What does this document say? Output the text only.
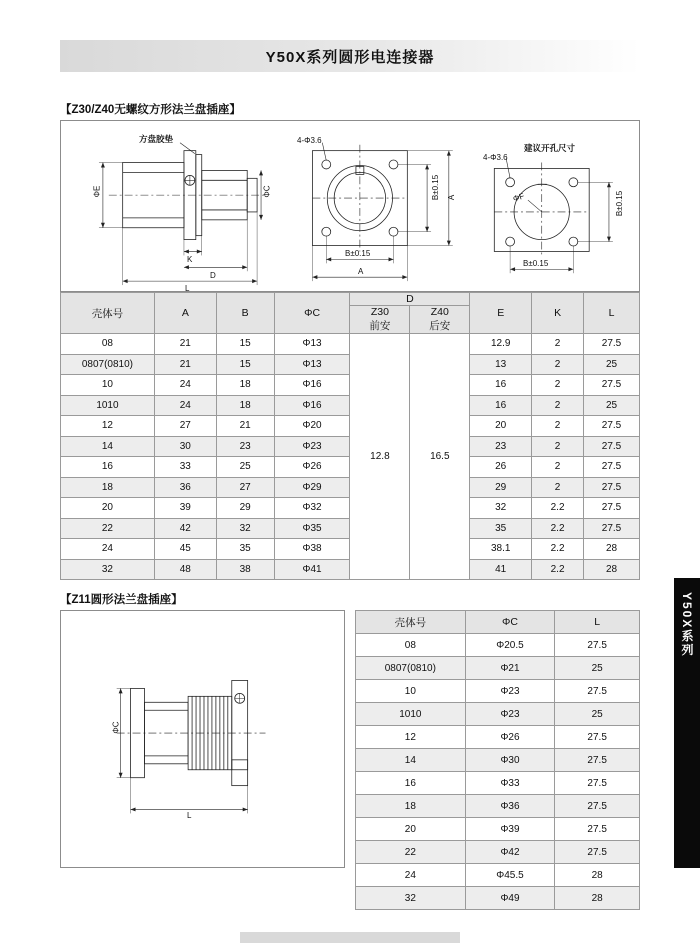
Y50X系列圆形电连接器
Y50X系列
【Z30/Z40无螺纹方形法兰盘插座】
方盘胶垫
ΦE	ΦC
K
D
L
4-Φ3.6
B±0.15 A
B±0.15
A
建议开孔尺寸
4-Φ3.6
ΦF	B±0.15
B±0.15
壳体号	A	B	ΦC	D		E	K	L

Z30
前安

Z40
后安

08	21	15	Φ13	12.8	16.5	12.9	2	27.5
0807(0810)	21	15	Φ13			13	2	25
10	24	18	Φ16			16	2	27.5
1010	24	18	Φ16			16	2	25
12	27	21	Φ20			20	2	27.5
14	30	23	Φ23			23	2	27.5
16	33	25	Φ26			26	2	27.5
18	36	27	Φ29			29	2	27.5
20	39	29	Φ32			32	2.2	27.5
22	42	32	Φ35			35	2.2	27.5
24	45	35	Φ38			38.1	2.2	28
32	48	38	Φ41			41	2.2	28
【Z11圆形法兰盘插座】
ΦC
L
壳体号	ΦC	L
08	Φ20.5	27.5
0807(0810)	Φ21	25
10	Φ23	27.5
1010	Φ23	25
12	Φ26	27.5
14	Φ30	27.5
16	Φ33	27.5
18	Φ36	27.5
20	Φ39	27.5
22	Φ42	27.5
24	Φ45.5	28
32	Φ49	28
